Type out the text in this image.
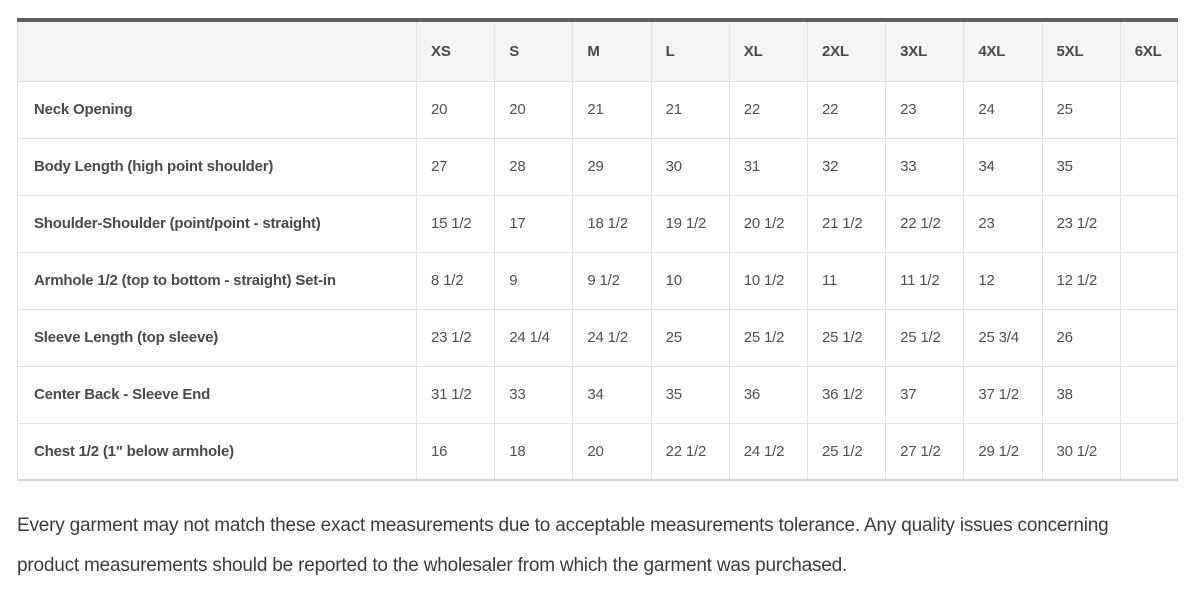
	XS	S	M	L	XL	2XL	3XL	4XL	5XL	6XL
Neck Opening	20	20	21	21	22	22	23	24	25	
Body Length (high point shoulder)	27	28	29	30	31	32	33	34	35	
Shoulder-Shoulder (point/point - straight)	15 1/2	17	18 1/2	19 1/2	20 1/2	21 1/2	22 1/2	23	23 1/2	
Armhole 1/2 (top to bottom - straight) Set-in	8 1/2	9	9 1/2	10	10 1/2	11	11 1/2	12	12 1/2	
Sleeve Length (top sleeve)	23 1/2	24 1/4	24 1/2	25	25 1/2	25 1/2	25 1/2	25 3/4	26	
Center Back - Sleeve End	31 1/2	33	34	35	36	36 1/2	37	37 1/2	38	
Chest 1/2 (1" below armhole)	16	18	20	22 1/2	24 1/2	25 1/2	27 1/2	29 1/2	30 1/2	

Every garment may not match these exact measurements due to acceptable measurements tolerance. Any quality issues concerning product measurements should be reported to the wholesaler from which the garment was purchased.
